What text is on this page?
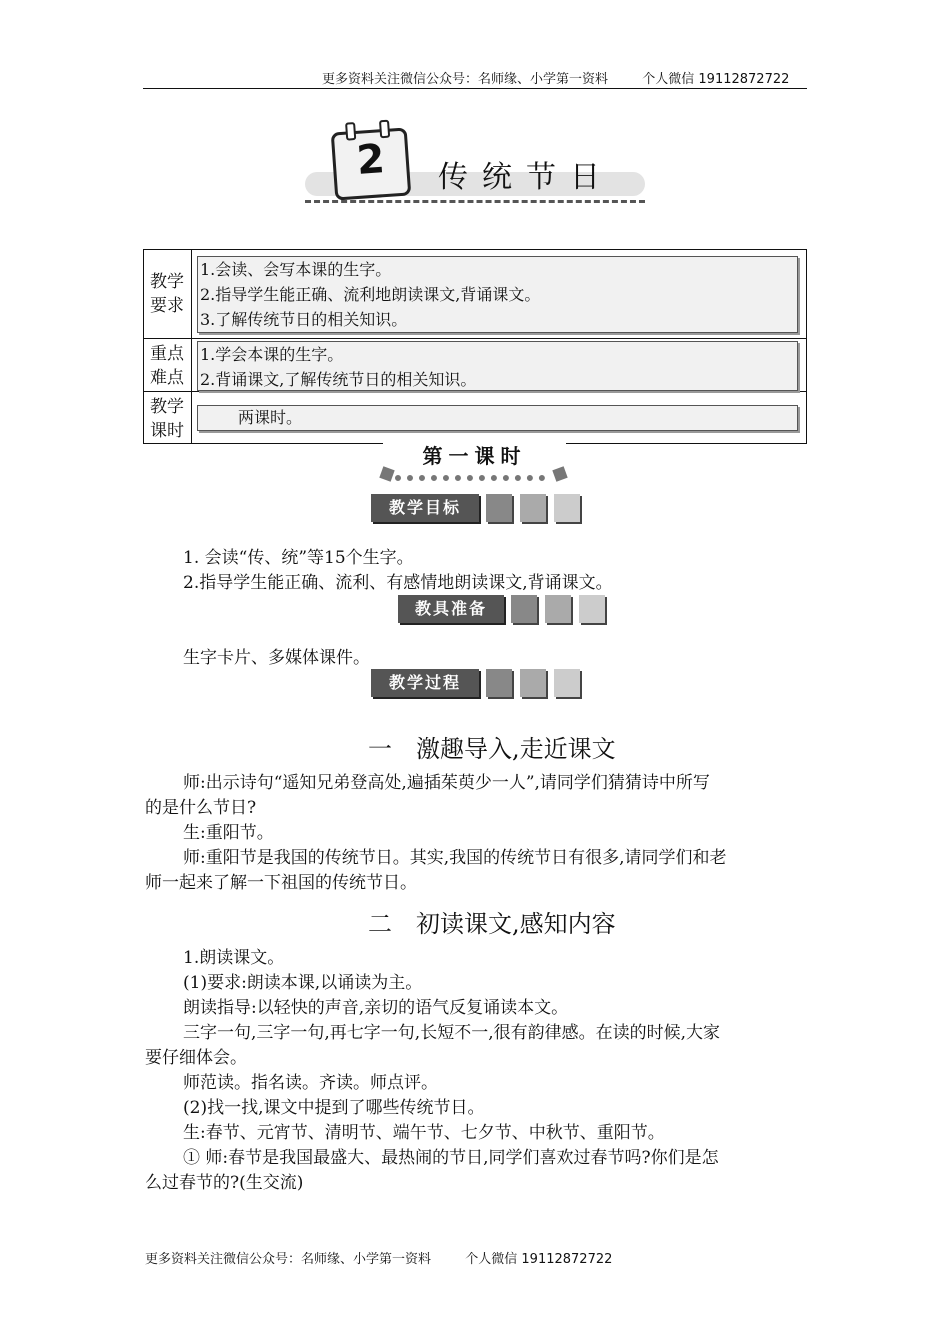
更多资料关注微信公众号：名师缘、小学第一资料 　 　个人微信 19112872722
2	传统节日
教学
要求
1.会读、会写本课的生字。
2.指导学生能正确、流利地朗读课文,背诵课文。
3.了解传统节日的相关知识。
重点
难点
1.学会本课的生字。
2.背诵课文,了解传统节日的相关知识。
教学
课时
两课时。
第一课时
教学目标
1. 会读“传、统”等15个生字。
2.指导学生能正确、流利、有感情地朗读课文,背诵课文。
教具准备
生字卡片、多媒体课件。
教学过程
一　激趣导入,走近课文
师:出示诗句“遥知兄弟登高处,遍插茱萸少一人”,请同学们猜猜诗中所写
的是什么节日?
生:重阳节。
师:重阳节是我国的传统节日。其实,我国的传统节日有很多,请同学们和老
师一起来了解一下祖国的传统节日。
二　初读课文,感知内容
1.朗读课文。
(1)要求:朗读本课,以诵读为主。
朗读指导:以轻快的声音,亲切的语气反复诵读本文。
三字一句,三字一句,再七字一句,长短不一,很有韵律感。在读的时候,大家
要仔细体会。
师范读。指名读。齐读。师点评。
(2)找一找,课文中提到了哪些传统节日。
生:春节、元宵节、清明节、端午节、七夕节、中秋节、重阳节。
① 师:春节是我国最盛大、最热闹的节日,同学们喜欢过春节吗?你们是怎
么过春节的?(生交流)
更多资料关注微信公众号：名师缘、小学第一资料 　 　个人微信 19112872722
